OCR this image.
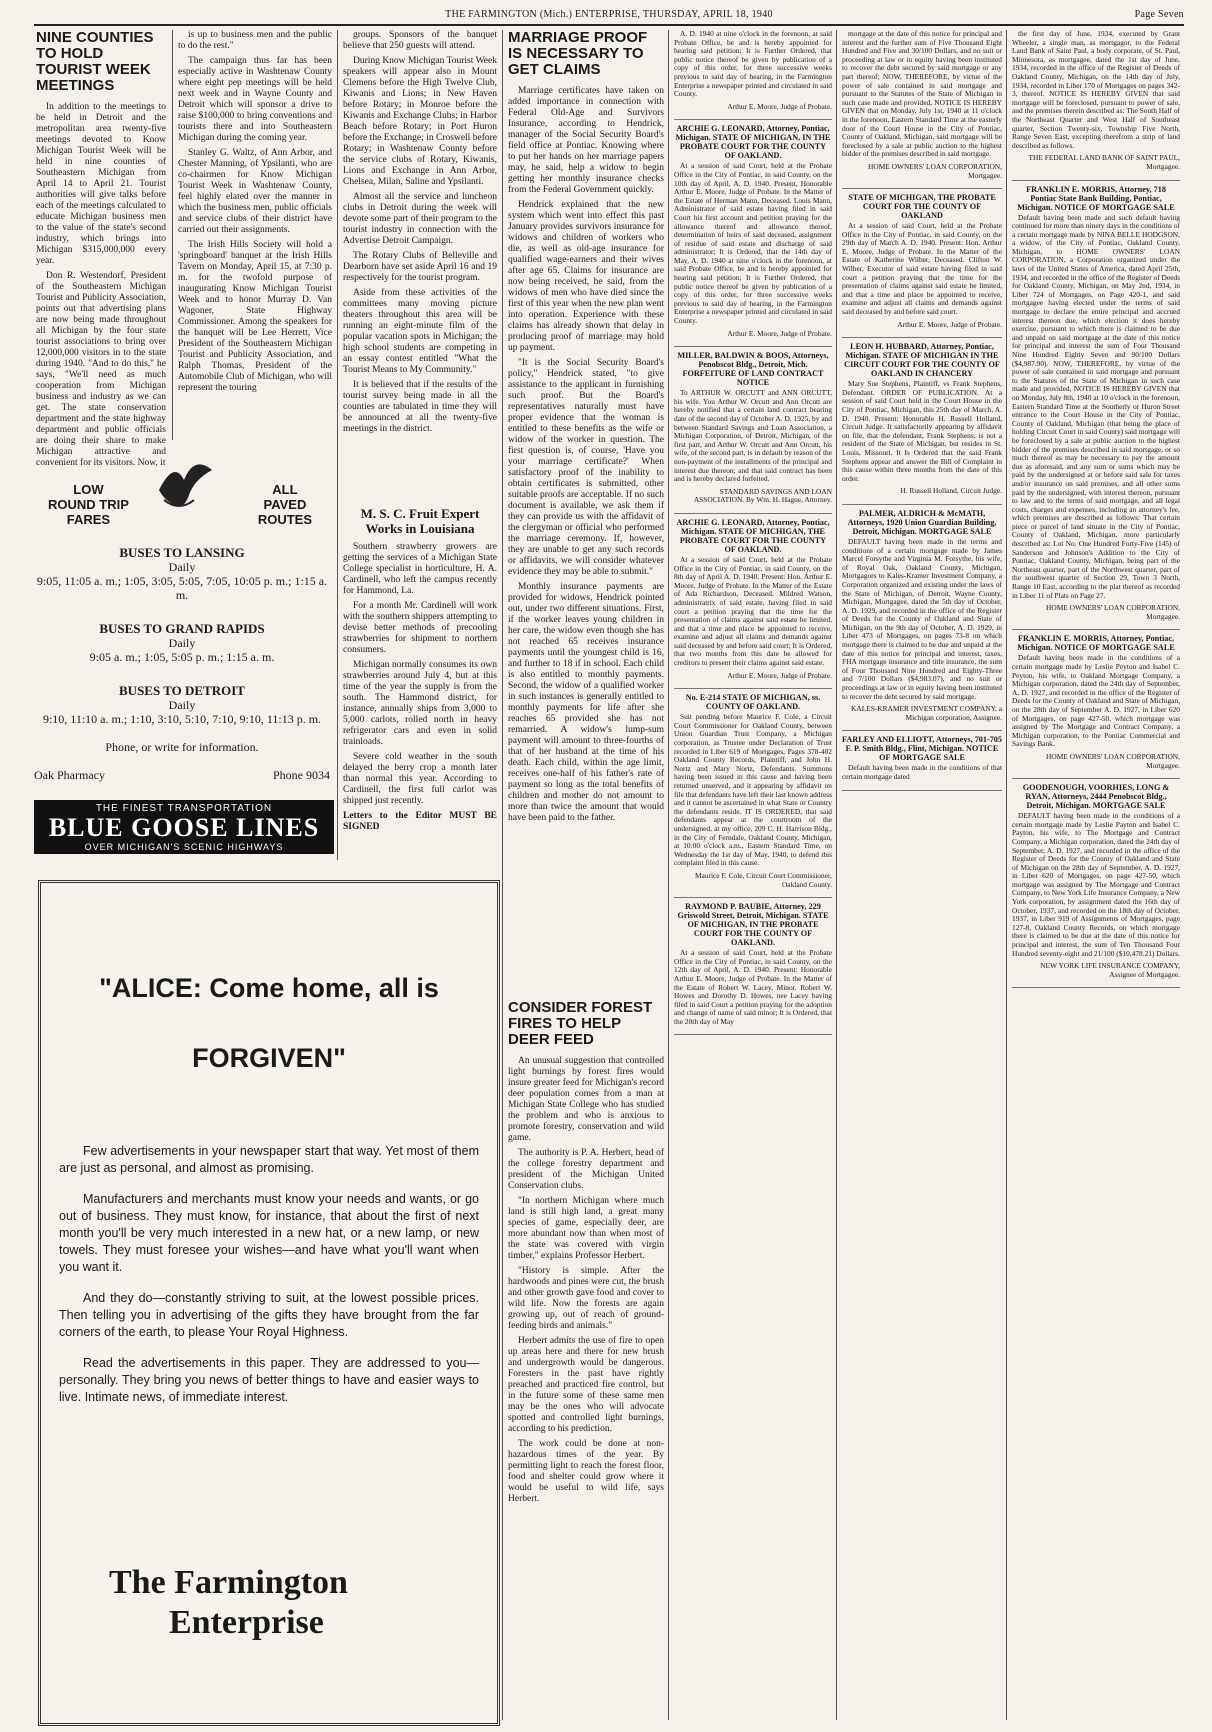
THE FARMINGTON (Mich.) ENTERPRISE, THURSDAY, APRIL 18, 1940	Page Seven
NINE COUNTIES TO HOLD TOURIST WEEK MEETINGS

In addition to the meetings to be held in Detroit and the metropolitan area twenty-five meetings devoted to Know Michigan Tourist Week will be held in nine counties of Southeastern Michigan from April 14 to April 21. Tourist authorities will give talks before each of the meetings calculated to educate Michigan business men to the value of the state's second industry, which brings into Michigan $315,000,000 every year.

Don R. Westendorf, President of the Southeastern Michigan Tourist and Publicity Association, points out that advertising plans are now being made throughout all Michigan by the four state tourist associations to bring over 12,000,000 visitors in to the state during 1940. "And to do this," he says, "We'll need as much cooperation from Michigan business and industry as we can get. The state conservation department and the state highway department and public officials are doing their share to make Michigan attractive and convenient for its visitors. Now, it

is up to business men and the public to do the rest."

The campaign thus far has been especially active in Washtenaw County where eight pep meetings will be held next week and in Wayne County and Detroit which will sponsor a drive to raise $100,000 to bring conventions and tourists there and into Southeastern Michigan during the coming year.

Stanley G. Waltz, of Ann Arbor, and Chester Manning, of Ypsilanti, who are co-chairmen for Know Michigan Tourist Week in Washtenaw County, feel highly elated over the manner in which the business men, public officials and service clubs of their district have carried out their assignments.

The Irish Hills Society will hold a 'springboard' banquet at the Irish Hills Tavern on Monday, April 15, at 7:30 p. m. for the twofold purpose of inaugurating Know Michigan Tourist Week and to honor Murray D. Van Wagoner, State Highway Commissioner. Among the speakers for the banquet will be Lee Herrett, Vice President of the Southeastern Michigan Tourist and Publicity Association, and Ralph Thomas, President of the Automobile Club of Michigan, who will represent the touring

groups. Sponsors of the banquet believe that 250 guests will attend.

During Know Michigan Tourist Week speakers will appear also in Mount Clemens before the High Twelve Club, Kiwanis and Lions; in New Haven before Rotary; in Monroe before the Kiwanis and Exchange Clubs; in Harbor Beach before Rotary; in Port Huron before the Exchange; in Croswell before Rotary; in Washtenaw County before the service clubs of Rotary, Kiwanis, Lions and Exchange in Ann Arbor, Chelsea, Milan, Saline and Ypsilanti.

Almost all the service and luncheon clubs in Detroit during the week will devote some part of their program to the tourist industry in connection with the Advertise Detroit Campaign.

The Rotary Clubs of Belleville and Dearborn have set aside April 16 and 19 respectively for the tourist program.

Aside from these activities of the committees many moving picture theaters throughout this area will be running an eight-minute film of the popular vacation spots in Michigan; the high school students are competing in an essay contest entitled "What the Tourist Means to My Community."

It is believed that if the results of the tourist survey being made in all the counties are tabulated in time they will be announced at all the twenty-five meetings in the district.

M. S. C. Fruit Expert Works in Louisiana

Southern strawberry growers are getting the services of a Michigan State College specialist in horticulture, H. A. Cardinell, who left the campus recently for Hammond, La.

For a month Mr. Cardinell will work with the southern shippers attempting to devise better methods of precooling strawberries for shipment to northern consumers.

Michigan normally consumes its own strawberries around July 4, but at this time of the year the supply is from the south. The Hammond district, for instance, annually ships from 3,000 to 5,000 carlots, rolled north in heavy refrigerator cars and even in solid trainloads.

Severe cold weather in the south delayed the berry crop a month later than normal this year. According to Cardinell, the first full carlot was shipped just recently.

Letters to the Editor MUST BE SIGNED

LOW
ROUND TRIP
FARES
ALL
PAVED
ROUTES
BUSES TO LANSING
Daily
9:05, 11:05 a. m.; 1:05, 3:05, 5:05, 7:05, 10:05 p. m.; 1:15 a. m.
BUSES TO GRAND RAPIDS
Daily
9:05 a. m.; 1:05, 5:05 p. m.; 1:15 a. m.
BUSES TO DETROIT
Daily
9:10, 11:10 a. m.; 1:10, 3:10, 5:10, 7:10, 9:10, 11:13 p. m.
Phone, or write for information.
Oak Pharmacy	Phone 9034
THE FINEST TRANSPORTATION
BLUE GOOSE LINES
OVER MICHIGAN'S SCENIC HIGHWAYS
"ALICE: Come home, all is
FORGIVEN"

Few advertisements in your newspaper start that way. Yet most of them are just as personal, and almost as promising.

Manufacturers and merchants must know your needs and wants, or go out of business. They must know, for instance, that about the first of next month you'll be very much interested in a new hat, or a new lamp, or new towels. They must foresee your wishes—and have what you'll want when you want it.

And they do—constantly striving to suit, at the lowest possible prices. Then telling you in advertising of the gifts they have brought from the far corners of the earth, to please Your Royal Highness.

Read the advertisements in this paper. They are addressed to you—personally. They bring you news of better things to have and easier ways to live. Intimate news, of immediate interest.

The Farmington
Enterprise
MARRIAGE PROOF IS NECESSARY TO GET CLAIMS

Marriage certificates have taken on added importance in connection with Federal Old-Age and Survivors Insurance, according to Hendrick, manager of the Social Security Board's field office at Pontiac. Knowing where to put her hands on her marriage papers may, he said, help a widow to begin getting her monthly insurance checks from the Federal Government quickly.

Hendrick explained that the new system which went into effect this past January provides survivors insurance for widows and children of workers who die, as well as old-age insurance for qualified wage-earners and their wives after age 65. Claims for insurance are now being received, he said, from the widows of men who have died since the first of this year when the new plan went into operation. Experience with these claims has already shown that delay in producing proof of marriage may hold up payment.

"It is the Social Security Board's policy," Hendrick stated, "to give assistance to the applicant in furnishing such proof. But the Board's representatives naturally must have proper evidence that the woman is entitled to these benefits as the wife or widow of the worker in question. The first question is, of course, 'Have you your marriage certificate?' When satisfactory proof of the inability to obtain certificates is submitted, other suitable proofs are acceptable. If no such document is available, we ask them if they can provide us with the affidavit of the clergyman or official who performed the marriage ceremony. If, however, they are unable to get any such records or affidavits, we will consider whatever evidence they may be able to submit."

Monthly insurance payments are provided for widows, Hendrick pointed out, under two different situations. First, if the worker leaves young children in her care, the widow even though she has not reached 65 receives insurance payments until the youngest child is 16, and further to 18 if in school. Each child is also entitled to monthly payments. Second, the widow of a qualified worker in such instances is generally entitled to monthly payments for life after she reaches 65 provided she has not remarried. A widow's lump-sum payment will amount to three-fourths of that of her husband at the time of his death. Each child, within the age limit, receives one-half of his father's rate of payment so long as the total benefits of children and mother do not amount to more than twice the amount that would have been paid to the father.

CONSIDER FOREST FIRES TO HELP DEER FEED

An unusual suggestion that controlled light burnings by forest fires would insure greater feed for Michigan's record deer population comes from a man at Michigan State College who has studied the problem and who is anxious to promote forestry, conservation and wild game.

The authority is P. A. Herbert, head of the college forestry department and president of the Michigan United Conservation clubs.

"In northern Michigan where much land is still high land, a great many species of game, especially deer, are more abundant now than when most of the state was covered with virgin timber," explains Professor Herbert.

"History is simple. After the hardwoods and pines were cut, the brush and other growth gave food and cover to wild life. Now the forests are again growing up, out of reach of ground-feeding birds and animals."

Herbert admits the use of fire to open up areas here and there for new brush and undergrowth would be dangerous. Foresters in the past have rightly preached and practiced fire control, but in the future some of these same men may be the ones who will advocate spotted and controlled light burnings, according to his prediction.

The work could be done at non-hazardous times of the year. By permitting light to reach the forest floor, food and shelter could grow where it would be useful to wild life, says Herbert.

A. D. 1940 at nine o'clock in the forenoon, at said Probate Office, be and is hereby appointed for hearing said petition; It is Further Ordered, that public notice thereof be given by publication of a copy of this order, for three successive weeks previous to said day of hearing, in the Farmington Enterprise a newspaper printed and circulated in said County.

Arthur E. Moore, Judge of Probate.

ARCHIE G. LEONARD, Attorney, Pontiac, Michigan. STATE OF MICHIGAN, IN THE PROBATE COURT FOR THE COUNTY OF OAKLAND.

At a session of said Court, held at the Probate Office in the City of Pontiac, in said County, on the 10th day of April, A. D. 1940. Present, Honorable Arthur E. Moore, Judge of Probate. In the Matter of the Estate of Herman Mann, Deceased. Louis Mann, Administrator of said estate having filed in said Court his first account and petition praying for the allowance thereof and allowance thereof, determination of heirs of said deceased, assignment of residue of said estate and discharge of said administrator; It is Ordered, that the 14th day of May, A. D. 1940 at nine o'clock in the forenoon, at said Probate Office, be and is hereby appointed for hearing said petition; It is Further Ordered, that public notice thereof be given by publication of a copy of this order, for three successive weeks previous to said day of hearing, in the Farmington Enterprise a newspaper printed and circulated in said County.

Arthur E. Moore, Judge of Probate.

MILLER, BALDWIN & BOOS, Attorneys, Penobscot Bldg., Detroit, Mich. FORFEITURE OF LAND CONTRACT NOTICE

To ARTHUR W. ORCUTT and ANN ORCUTT, his wife. You Arthur W. Orcutt and Ann Orcutt are hereby notified that a certain land contract bearing date of the second day of October A. D. 1925, by and between Standard Savings and Loan Association, a Michigan Corporation, of Detroit, Michigan, of the first part, and Arthur W. Orcutt and Ann Orcutt, his wife, of the second part, is in default by reason of the non-payment of the installments of the principal and interest due thereon; and that said contract has been and is hereby declared forfeited.

STANDARD SAVINGS AND LOAN ASSOCIATION. By Wm. H. Hague, Attorney.

ARCHIE G. LEONARD, Attorney, Pontiac, Michigan. STATE OF MICHIGAN, THE PROBATE COURT FOR THE COUNTY OF OAKLAND.

At a session of said Court, held at the Probate Office in the City of Pontiac, in said County, on the 8th day of April A. D. 1940. Present: Hon. Arthur E. Moore, Judge of Probate. In the Matter of the Estate of Ada Richardson, Deceased. Mildred Watson, administratrix of said estate, having filed in said court a petition praying that the time for the presentation of claims against said estate be limited, and that a time and place be appointed to receive, examine and adjust all claims and demands against said deceased by and before said court; It is Ordered, that two months from this date be allowed for creditors to present their claims against said estate.

Arthur E. Moore, Judge of Probate.

No. E-214 STATE OF MICHIGAN, ss. COUNTY OF OAKLAND.

Suit pending before Maurice F. Cole, a Circuit Court Commissioner for Oakland County, between Union Guardian Trust Company, a Michigan corporation, as Trustee under Declaration of Trust recorded in Liber 619 of Mortgages, Pages 378-402 Oakland County Records, Plaintiff, and John H. Nortz and Mary Nortz, Defendants. Summons having been issued in this cause and having been returned unserved, and it appearing by affidavit on file that defendants have left their last known address and it cannot be ascertained in what State or Country the defendants reside. IT IS ORDERED, that said defendants appear at the courtroom of the undersigned, at my office, 209 C. H. Harrison Bldg., in the City of Ferndale, Oakland County, Michigan, at 10:00 o'clock a.m., Eastern Standard Time, on Wednesday the 1st day of May, 1940, to defend this complaint filed in this cause.

Maurice F. Cole, Circuit Court Commissioner, Oakland County.

RAYMOND P. BAUBIE, Attorney, 229 Griswold Street, Detroit, Michigan. STATE OF MICHIGAN, IN THE PROBATE COURT FOR THE COUNTY OF OAKLAND.

At a session of said Court, held at the Probate Office in the City of Pontiac, in said County, on the 12th day of April, A. D. 1940. Present: Honorable Arthur E. Moore, Judge of Probate. In the Matter of the Estate of Robert W. Lacey, Minor. Robert W. Howes and Dorothy D. Howes, nee Lacey having filed in said Court a petition praying for the adoption and change of name of said minor; It is Ordered, that the 20th day of May

mortgage at the date of this notice for principal and interest and the further sum of Five Thousand Eight Hundred and Five and 30/100 Dollars, and no suit or proceeding at law or in equity having been instituted to recover the debt secured by said mortgage or any part thereof; NOW, THEREFORE, by virtue of the power of sale contained in said mortgage and pursuant to the Statutes of the State of Michigan in such case made and provided, NOTICE IS HEREBY GIVEN that on Monday, July 1st, 1940 at 11 o'clock in the forenoon, Eastern Standard Time at the easterly door of the Court House in the City of Pontiac, County of Oakland, Michigan, said mortgage will be foreclosed by a sale at public auction to the highest bidder of the premises described in said mortgage.

HOME OWNERS' LOAN CORPORATION, Mortgagee.

STATE OF MICHIGAN, THE PROBATE COURT FOR THE COUNTY OF OAKLAND

At a session of said Court, held at the Probate Office in the City of Pontiac, in said County, on the 29th day of March A. D. 1940. Present: Hon. Arthur E. Moore, Judge of Probate. In the Matter of the Estate of Katherine Wilber, Deceased. Clifton W. Wilber, Executor of said estate having filed in said court a petition praying that the time for the presentation of claims against said estate be limited, and that a time and place be appointed to receive, examine and adjust all claims and demands against said deceased by and before said court.

Arthur E. Moore, Judge of Probate.

LEON H. HUBBARD, Attorney, Pontiac, Michigan. STATE OF MICHIGAN IN THE CIRCUIT COURT FOR THE COUNTY OF OAKLAND IN CHANCERY

Mary Sue Stephens, Plaintiff, vs Frank Stephens, Defendant. ORDER OF PUBLICATION. At a session of said Court held in the Court House in the City of Pontiac, Michigan, this 25th day of March, A. D. 1940. Present: Honorable H. Russell Holland, Circuit Judge. It satisfactorily appearing by affidavit on file, that the defendant, Frank Stephens, is not a resident of the State of Michigan, but resides in St. Louis, Missouri. It Is Ordered that the said Frank Stephens appear and answer the Bill of Complaint in this cause within three months from the date of this order.

H. Russell Holland, Circuit Judge.

PALMER, ALDRICH & McMATH, Attorneys, 1920 Union Guardian Building, Detroit, Michigan. MORTGAGE SALE

DEFAULT having been made in the terms and conditions of a certain mortgage made by James Marcel Forsythe and Virginia M. Forsythe, his wife, of Royal Oak, Oakland County, Michigan, Mortgagors to Kales-Kramer Investment Company, a Corporation organized and existing under the laws of the State of Michigan, of Detroit, Wayne County, Michigan, Mortgagee, dated the 5th day of October, A. D. 1929, and recorded in the office of the Register of Deeds for the County of Oakland and State of Michigan, on the 9th day of October, A. D. 1929, in Liber 473 of Mortgages, on pages 73-8 on which mortgage there is claimed to be due and unpaid at the date of this notice for principal and interest, taxes, FHA mortgage insurance and title insurance, the sum of Four Thousand Nine Hundred and Eighty-Three and 7/100 Dollars ($4,983.07), and no suit or proceedings at law or in equity having been instituted to recover the debt secured by said mortgage.

KALES-KRAMER INVESTMENT COMPANY, a Michigan corporation, Assignee.

FARLEY AND ELLIOTT, Attorneys, 701-705 F. P. Smith Bldg., Flint, Michigan. NOTICE OF MORTGAGE SALE

Default having been made in the conditions of that certain mortgage dated

the first day of June, 1934, executed by Grant Wheeler, a single man, as mortgagor, to the Federal Land Bank of Saint Paul, a body corporate, of St. Paul, Minnesota, as mortgagee, dated the 1st day of June, 1934, recorded in the office of the Register of Deeds of Oakland County, Michigan, on the 14th day of July, 1934, recorded in Liber 170 of Mortgages on pages 342-3, thereof. NOTICE IS HEREBY GIVEN that said mortgage will be foreclosed, pursuant to power of sale, and the premises therein described as: The South Half of the Northeast Quarter and West Half of Southeast quarter, Section Twenty-six, Township Five North, Range Seven East, excepting therefrom a strip of land described as follows.

THE FEDERAL LAND BANK OF SAINT PAUL, Mortgagee.

FRANKLIN E. MORRIS, Attorney, 718 Pontiac State Bank Building, Pontiac, Michigan. NOTICE OF MORTGAGE SALE

Default having been made and such default having continued for more than ninety days in the conditions of a certain mortgage made by NINA BELLE HODGSON, a widow, of the City of Pontiac, Oakland County, Michigan, to HOME OWNERS' LOAN CORPORATION, a Corporation organized under the laws of the United States of America, dated April 25th, 1934, and recorded in the office of the Register of Deeds for Oakland County, Michigan, on May 2nd, 1934, in Liber 724 of Mortgages, on Page 420-1, and said mortgagee having elected under the terms of said mortgage to declare the entire principal and accrued interest thereon due, which election it does hereby exercise, pursuant to which there is claimed to be due and unpaid on said mortgage at the date of this notice for principal and interest the sum of Four Thousand Nine Hundred Eighty Seven and 90/100 Dollars ($4,987.90). NOW, THEREFORE, by virtue of the power of sale contained in said mortgage and pursuant to the Statutes of the State of Michigan in such case made and provided, NOTICE IS HEREBY GIVEN that on Monday, July 8th, 1940 at 10 o'clock in the forenoon, Eastern Standard Time at the Southerly or Huron Street entrance to the Court House in the City of Pontiac, County of Oakland, Michigan (that being the place of holding Circuit Court in said County) said mortgage will be foreclosed by a sale at public auction to the highest bidder of the premises described in said mortgage, or so much thereof as may be necessary to pay the amount due as aforesaid, and any sum or sums which may be paid by the undersigned at or before said sale for taxes and/or insurance on said premises, and all other sums paid by the undersigned, with interest thereon, pursuant to law and to the terms of said mortgage, and all legal costs, charges and expenses, including an attorney's fee, which premises are described as follows: That certain piece or parcel of land situate in the City of Pontiac, County of Oakland, Michigan, more particularly described as: Lot No. One Hundred Forty-Five (145) of Sanderson and Johnson's Addition to the City of Pontiac, Oakland County, Michigan, being part of the Northeast quarter, part of the Northwest quarter, part of the southwest quarter of Section 29, Town 3 North, Range 10 East, according to the plat thereof as recorded in Liber 11 of Plats on Page 27.

HOME OWNERS' LOAN CORPORATION, Mortgagee.

FRANKLIN E. MORRIS, Attorney, Pontiac, Michigan. NOTICE OF MORTGAGE SALE

Default having been made in the conditions of a certain mortgage made by Leslie Peyton and Isabel C. Peyton, his wife, to Oakland Mortgage Company, a Michigan corporation, dated the 24th day of September, A. D. 1927, and recorded in the office of the Register of Deeds for the County of Oakland and State of Michigan, on the 28th day of September A. D. 1927, in Liber 620 of Mortgages, on page 427-50, which mortgage was assigned by The Mortgage and Contract Company, a Michigan corporation, to the Pontiac Commercial and Savings Bank.

HOME OWNERS' LOAN CORPORATION, Mortgagee.

GOODENOUGH, VOORHIES, LONG & RYAN, Attorneys, 2444 Penobscot Bldg., Detroit, Michigan. MORTGAGE SALE

DEFAULT having been made in the conditions of a certain mortgage made by Leslie Payton and Isabel C. Payton, his wife, to The Mortgage and Contract Company, a Michigan corporation, dated the 24th day of September, A. D. 1927, and recorded in the office of the Register of Deeds for the County of Oakland and State of Michigan on the 28th day of September, A. D. 1927, in Liber 620 of Mortgages, on page 427-50, which mortgage was assigned by The Mortgage and Contract Company, to New York Life Insurance Company, a New York corporation, by assignment dated the 16th day of October, 1937, and recorded on the 18th day of October, 1937, in Liber 919 of Assignments of Mortgages, page 127-8, Oakland County Records, on which mortgage there is claimed to be due at the date of this notice for principal and interest, the sum of Ten Thousand Four Hundred seventy-eight and 21/100 ($10,478.21) Dollars.

NEW YORK LIFE INSURANCE COMPANY, Assignee of Mortgagee.
